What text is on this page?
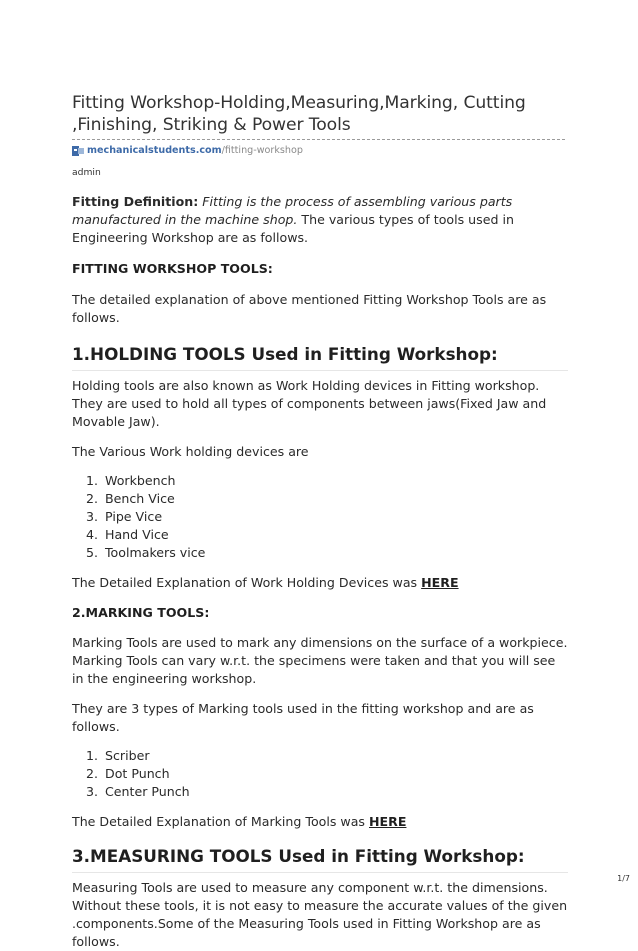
Fitting Workshop-Holding,Measuring,Marking, Cutting
,Finishing, Striking & Power Tools
mechanicalstudents.com /fitting-workshop
admin

Fitting Definition: Fitting is the process of assembling various parts manufactured in the machine shop. The various types of tools used in Engineering Workshop are as follows.

FITTING WORKSHOP TOOLS:

The detailed explanation of above mentioned Fitting Workshop Tools are as follows.

1.HOLDING TOOLS Used in Fitting Workshop:

Holding tools are also known as Work Holding devices in Fitting workshop. They are used to hold all types of components between jaws(Fixed Jaw and Movable Jaw).

The Various Work holding devices are

1. Workbench
2. Bench Vice
3. Pipe Vice
4. Hand Vice
5. Toolmakers vice

The Detailed Explanation of Work Holding Devices was HERE

2.MARKING TOOLS:

Marking Tools are used to mark any dimensions on the surface of a workpiece. Marking Tools can vary w.r.t. the specimens were taken and that you will see in the engineering workshop.

They are 3 types of Marking tools used in the fitting workshop and are as follows.

1. Scriber
2. Dot Punch
3. Center Punch

The Detailed Explanation of Marking Tools was HERE

3.MEASURING TOOLS Used in Fitting Workshop:

Measuring Tools are used to measure any component w.r.t. the dimensions. Without these tools, it is not easy to measure the accurate values of the given .components.Some of the Measuring Tools used in Fitting Workshop are as follows.

1/7
